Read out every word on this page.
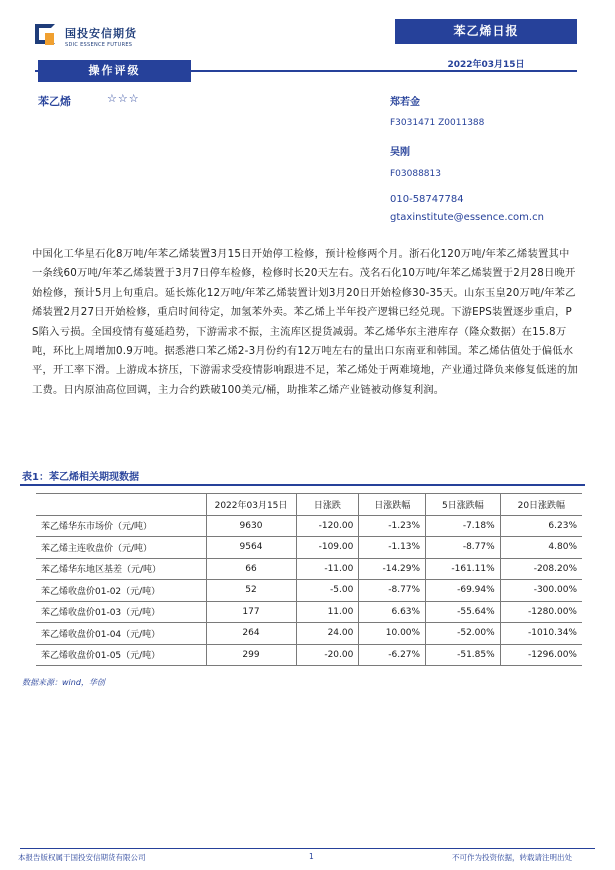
国投安信期货
SDIC ESSENCE FUTURES
苯乙烯日报
2022年03月15日
操作评级
苯乙烯	☆☆☆	郑若金
F3031471 Z0011388
吴刚
F03088813
010-58747784
gtaxinstitute@essence.com.cn
中国化工华星石化8万吨/年苯乙烯装置3月15日开始停工检修，预计检修两个月。浙石化120万吨/年苯乙烯装置其中一条线60万吨/年苯乙烯装置于3月7日停车检修，检修时长20天左右。茂名石化10万吨/年苯乙烯装置于2月28日晚开始检修，预计5月上旬重启。延长炼化12万吨/年苯乙烯装置计划3月20日开始检修30-35天。山东玉皇20万吨/年苯乙烯装置2月27日开始检修，重启时间待定，加氢苯外卖。苯乙烯上半年投产逻辑已经兑现。下游EPS装置逐步重启，PS陷入亏损。全国疫情有蔓延趋势，下游需求不振，主流库区提货减弱。苯乙烯华东主港库存（隆众数据）在15.8万吨，环比上周增加0.9万吨。据悉港口苯乙烯2-3月份约有12万吨左右的量出口东南亚和韩国。苯乙烯估值处于偏低水平，开工率下滑。上游成本挤压，下游需求受疫情影响跟进不足，苯乙烯处于两难境地，产业通过降负来修复低迷的加工费。日内原油高位回调，主力合约跌破100美元/桶，助推苯乙烯产业链被动修复利润。
表1：苯乙烯相关期现数据
	2022年03月15日	日涨跌	日涨跌幅	5日涨跌幅	20日涨跌幅
苯乙烯华东市场价（元/吨）	9630	-120.00	-1.23%	-7.18%	6.23%
苯乙烯主连收盘价（元/吨）	9564	-109.00	-1.13%	-8.77%	4.80%
苯乙烯华东地区基差（元/吨）	66	-11.00	-14.29%	-161.11%	-208.20%
苯乙烯收盘价01-02（元/吨）	52	-5.00	-8.77%	-69.94%	-300.00%
苯乙烯收盘价01-03（元/吨）	177	11.00	6.63%	-55.64%	-1280.00%
苯乙烯收盘价01-04（元/吨）	264	24.00	10.00%	-52.00%	-1010.34%
苯乙烯收盘价01-05（元/吨）	299	-20.00	-6.27%	-51.85%	-1296.00%
数据来源：wind，华创
本报告版权属于国投安信期货有限公司	1	不可作为投资依据，转载请注明出处
